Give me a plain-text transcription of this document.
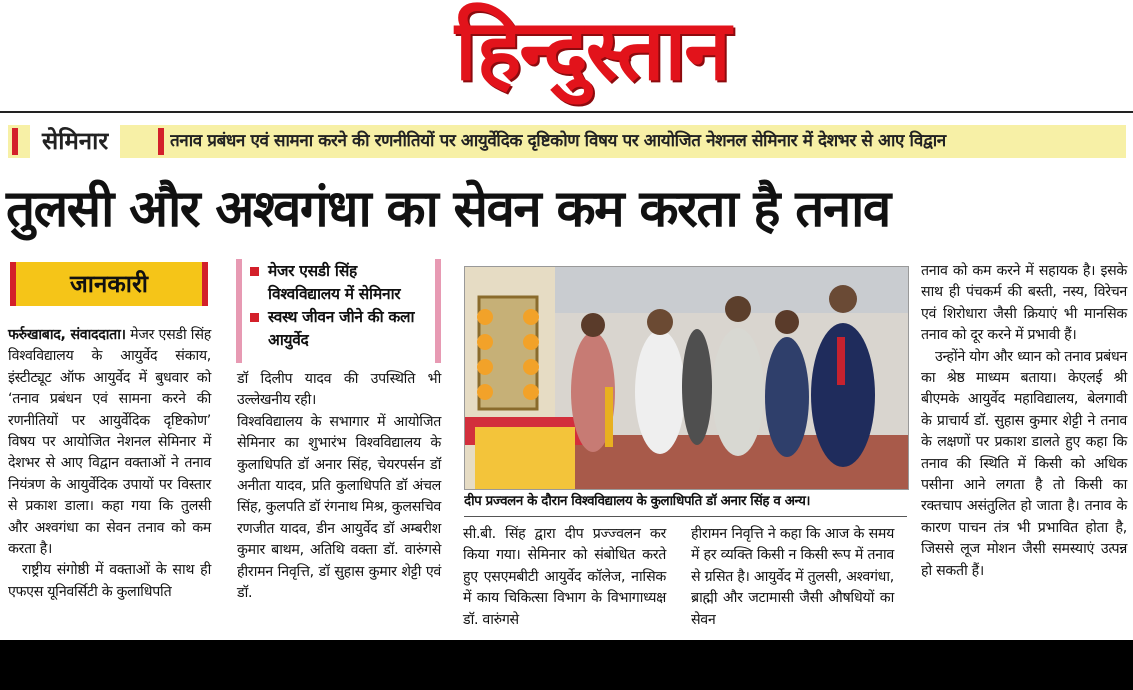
हिन्दुस्तान
सेमिनार	तनाव प्रबंधन एवं सामना करने की रणनीतियों पर आयुर्वेदिक दृष्टिकोण विषय पर आयोजित नेशनल सेमिनार में देशभर से आए विद्वान
तुलसी और अश्वगंधा का सेवन कम करता है तनाव
जानकारी

फर्रुखाबाद, संवाददाता। मेजर एसडी सिंह विश्वविद्यालय के आयुर्वेद संकाय, इंस्टीट्यूट ऑफ आयुर्वेद में बुधवार को ‘तनाव प्रबंधन एवं सामना करने की रणनीतियों पर आयुर्वेदिक दृष्टिकोण’ विषय पर आयोजित नेशनल सेमिनार में देशभर से आए विद्वान वक्ताओं ने तनाव नियंत्रण के आयुर्वेदिक उपायों पर विस्तार से प्रकाश डाला। कहा गया कि तुलसी और अश्वगंधा का सेवन तनाव को कम करता है।

राष्ट्रीय संगोष्ठी में वक्ताओं के साथ ही एफएस यूनिवर्सिटी के कुलाधिपति

मेजर एसडी सिंह विश्वविद्यालय में सेमिनार
स्वस्थ जीवन जीने की कला आयुर्वेद

डॉ दिलीप यादव की उपस्थिति भी उल्लेखनीय रही।

विश्वविद्यालय के सभागार में आयोजित सेमिनार का शुभारंभ विश्वविद्यालय के कुलाधिपति डॉ अनार सिंह, चेयरपर्सन डॉ अनीता यादव, प्रति कुलाधिपति डॉ अंचल सिंह, कुलपति डॉ रंगनाथ मिश्र, कुलसचिव रणजीत यादव, डीन आयुर्वेद डॉ अम्बरीश कुमार बाथम, अतिथि वक्ता डॉ. वारुंगसे हीरामन निवृत्ति, डॉ सुहास कुमार शेट्टी एवं डॉ.

दीप प्रज्वलन के दौरान विश्वविद्यालय के कुलाधिपति डॉ अनार सिंह व अन्य।

सी.बी. सिंह द्वारा दीप प्रज्ज्वलन कर किया गया। सेमिनार को संबोधित करते हुए एसएमबीटी आयुर्वेद कॉलेज, नासिक में काय चिकित्सा विभाग के विभागाध्यक्ष डॉ. वारुंगसे

हीरामन निवृत्ति ने कहा कि आज के समय में हर व्यक्ति किसी न किसी रूप में तनाव से ग्रसित है। आयुर्वेद में तुलसी, अश्वगंधा, ब्राह्मी और जटामासी जैसी औषधियों का सेवन

तनाव को कम करने में सहायक है। इसके साथ ही पंचकर्म की बस्ती, नस्य, विरेचन एवं शिरोधारा जैसी क्रियाएं भी मानसिक तनाव को दूर करने में प्रभावी हैं।

उन्होंने योग और ध्यान को तनाव प्रबंधन का श्रेष्ठ माध्यम बताया। केएलई श्री बीएमके आयुर्वेद महाविद्यालय, बेलगावी के प्राचार्य डॉ. सुहास कुमार शेट्टी ने तनाव के लक्षणों पर प्रकाश डालते हुए कहा कि तनाव की स्थिति में किसी को अधिक पसीना आने लगता है तो किसी का रक्तचाप असंतुलित हो जाता है। तनाव के कारण पाचन तंत्र भी प्रभावित होता है, जिससे लूज मोशन जैसी समस्याएं उत्पन्न हो सकती हैं।
